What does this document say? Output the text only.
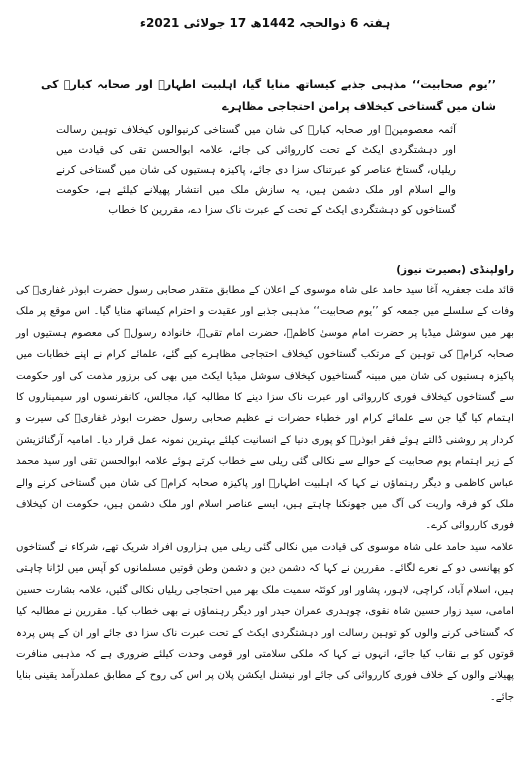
ہفتہ 6 ذوالحجہ 1442ھ 17 جولائی 2021ء
’’یوم صحابیت‘‘ مذہبی جذبے کیساتھ منایا گیا، اہلبیت اطہارؓ اور صحابہ کبارؓ کی شان میں گستاخی کیخلاف پرامن احتجاجی مظاہرے
آئمہ معصومینؑ اور صحابہ کبارؓ کی شان میں گستاخی کرنیوالوں کیخلاف توہین رسالت اور دہشتگردی ایکٹ کے تحت کارروائی کی جائے، علامہ ابوالحسن تقی کی قیادت میں ریلیاں، گستاخ عناصر کو عبرتناک سزا دی جائے، پاکیزہ ہستیوں کی شان میں گستاخی کرنے والے اسلام اور ملک دشمن ہیں، یہ سازش ملک میں انتشار پھیلانے کیلئے ہے، حکومت گستاخوں کو دہشتگردی ایکٹ کے تحت کے عبرت ناک سزا دے، مقررین کا خطاب
راولپنڈی (بصیرت نیوز)

قائد ملت جعفریہ آغا سید حامد علی شاہ موسوی کے اعلان کے مطابق متقدر صحابی رسول حضرت ابوذر غفاریؓ کی وفات کے سلسلے میں جمعہ کو ’’یوم صحابیت‘‘ مذہبی جذبے اور عقیدت و احترام کیساتھ منایا گیا۔ اس موقع پر ملک بھر میں سوشل میڈیا پر حضرت امام موسیٰ کاظمؑ، حضرت امام تقیؑ، خانوادہ رسولؐ کی معصوم ہستیوں اور صحابہ کرامؓ کی توہین کے مرتکب گستاخوں کیخلاف احتجاجی مظاہرے کیے گئے، علمائے کرام نے اپنے خطابات میں پاکیزہ ہستیوں کی شان میں مبینہ گستاخیوں کیخلاف سوشل میڈیا ایکٹ میں بھی کی برزور مذمت کی اور حکومت سے گستاخوں کیخلاف فوری کارروائی اور عبرت ناک سزا دینے کا مطالبہ کیا، مجالس، کانفرنسوں اور سیمیناروں کا اہتمام کیا گیا جن سے علمائے کرام اور خطباء حضرات نے عظیم صحابی رسول حضرت ابوذر غفاریؓ کی سیرت و کردار پر روشنی ڈالتے ہوئے فقر ابوذرؓ کو پوری دنیا کے انسانیت کیلئے بہترین نمونہ عمل قرار دیا۔ امامیہ آرگنائزیشن کے زیر اہتمام یوم صحابیت کے حوالے سے نکالی گئی ریلی سے خطاب کرتے ہوئے علامہ ابوالحسن تقی اور سید محمد عباس کاظمی و دیگر رہنماؤں نے کہا کہ اہلبیت اطہارؑ اور پاکیزہ صحابہ کرامؓ کی شان میں گستاخی کرنے والے ملک کو فرقہ واریت کی آگ میں جھونکنا چاہتے ہیں، ایسے عناصر اسلام اور ملک دشمن ہیں، حکومت ان کیخلاف فوری کارروائی کرے۔

علامہ سید حامد علی شاہ موسوی کی قیادت میں نکالی گئی ریلی میں ہزاروں افراد شریک تھے، شرکاء نے گستاخوں کو پھانسی دو کے نعرے لگائے۔ مقررین نے کہا کہ دشمن دین و دشمن وطن قوتیں مسلمانوں کو آپس میں لڑانا چاہتی ہیں، اسلام آباد، کراچی، لاہور، پشاور اور کوئٹہ سمیت ملک بھر میں احتجاجی ریلیاں نکالی گئیں، علامہ بشارت حسین امامی، سید زوار حسین شاہ نقوی، چوہدری عمران حیدر اور دیگر رہنماؤں نے بھی خطاب کیا۔ مقررین نے مطالبہ کیا کہ گستاخی کرنے والوں کو توہین رسالت اور دہشتگردی ایکٹ کے تحت عبرت ناک سزا دی جائے اور ان کے پس پردہ قوتوں کو بے نقاب کیا جائے، انہوں نے کہا کہ ملکی سلامتی اور قومی وحدت کیلئے ضروری ہے کہ مذہبی منافرت پھیلانے والوں کے خلاف فوری کارروائی کی جائے اور نیشنل ایکشن پلان پر اس کی روح کے مطابق عملدرآمد یقینی بنایا جائے۔
